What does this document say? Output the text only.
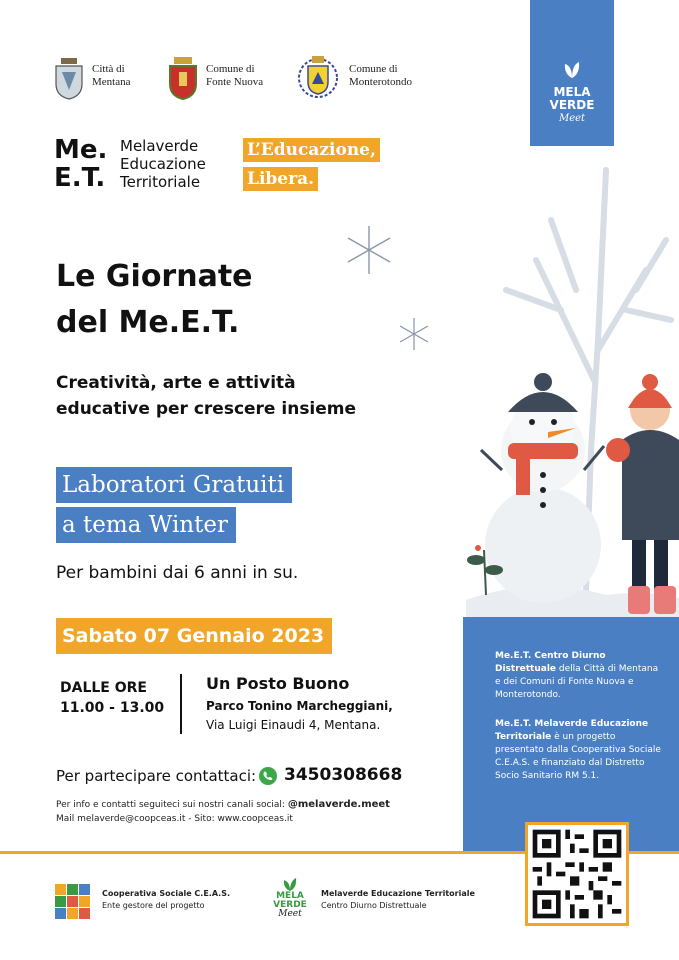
Città di
Mentana
Comune di
Fonte Nuova
Comune di
Monterotondo
MELA
VERDE
Meet
Me.
E.T.
Melaverde
Educazione
Territoriale
L’Educazione,
Libera.
Le Giornate
del Me.E.T.
Creatività, arte e attività
educative per crescere insieme
Laboratori Gratuiti
a tema Winter
Per bambini dai 6 anni in su.
Sabato 07 Gennaio 2023
DALLE ORE
11.00 - 13.00
Un Posto Buono
Parco Tonino Marcheggiani,
Via Luigi Einaudi 4, Mentana.
Per partecipare contattaci: 3450308668
Per info e contatti seguiteci sui nostri canali social: @melaverde.meet
Mail melaverde@coopceas.it - Sito: www.coopceas.it
Me.E.T. Centro Diurno Distrettuale della Città di Mentana e dei Comuni di Fonte Nuova e Monterotondo.
Me.E.T. Melaverde Educazione Territoriale è un progetto presentato dalla Cooperativa Sociale C.E.A.S. e finanziato dal Distretto Socio Sanitario RM 5.1.
Cooperativa Sociale C.E.A.S.
Ente gestore del progetto
MELA
VERDE
Meet
Melaverde Educazione Territoriale
Centro Diurno Distrettuale
